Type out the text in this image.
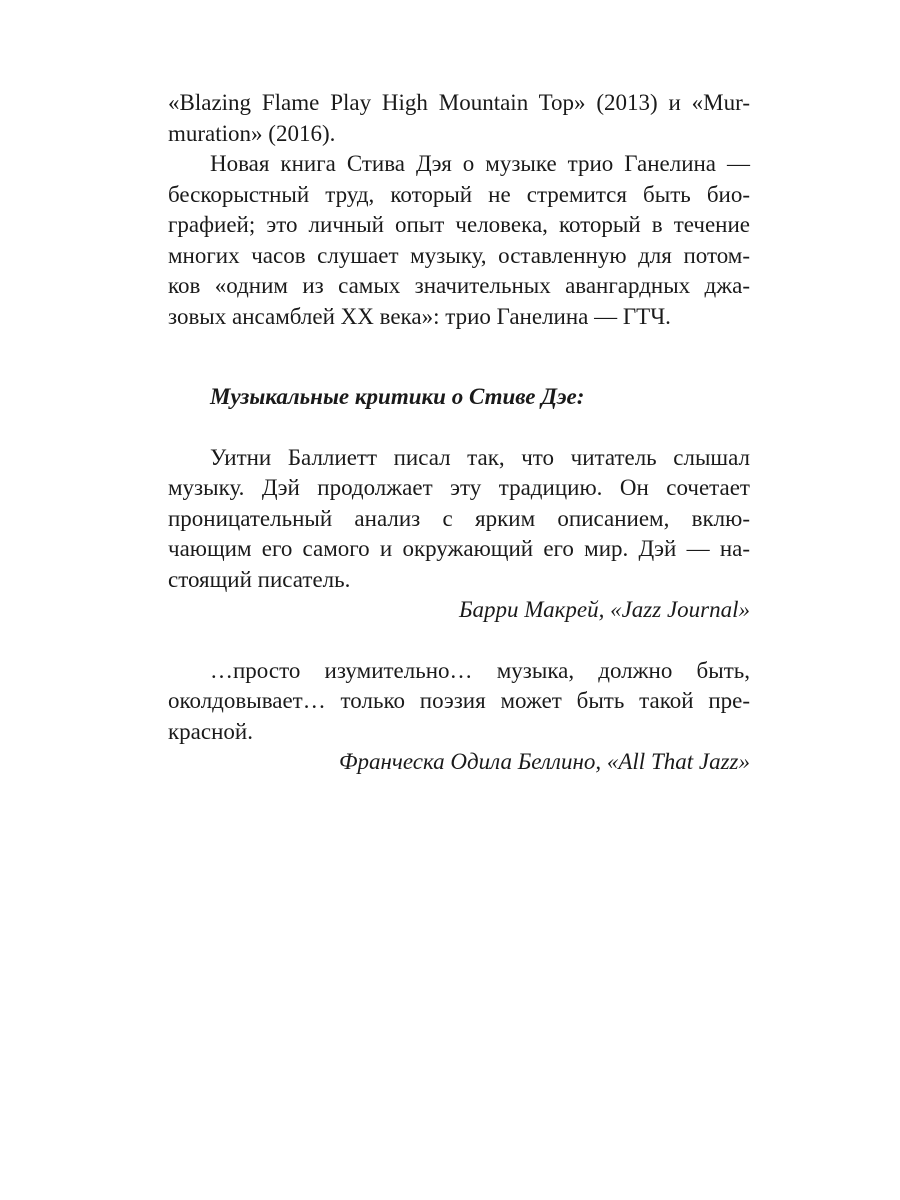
«Blazing Flame Play High Mountain Top» (2013) и «Mur-
muration» (2016).
Новая книга Стива Дэя о музыке трио Ганелина —
бескорыстный труд, который не стремится быть био-
графией; это личный опыт человека, который в течение
многих часов слушает музыку, оставленную для потом-
ков «одним из самых значительных авангардных джа-
зовых ансамблей XX века»: трио Ганелина — ГТЧ.
Музыкальные критики о Стиве Дэе:
Уитни Баллиетт писал так, что читатель слышал
музыку. Дэй продолжает эту традицию. Он сочетает
проницательный анализ с ярким описанием, вклю-
чающим его самого и окружающий его мир. Дэй — на-
стоящий писатель.
Барри Макрей, «Jazz Journal»
…просто изумительно… музыка, должно быть,
околдовывает… только поэзия может быть такой пре-
красной.
Франческа Одила Беллино, «All That Jazz»
